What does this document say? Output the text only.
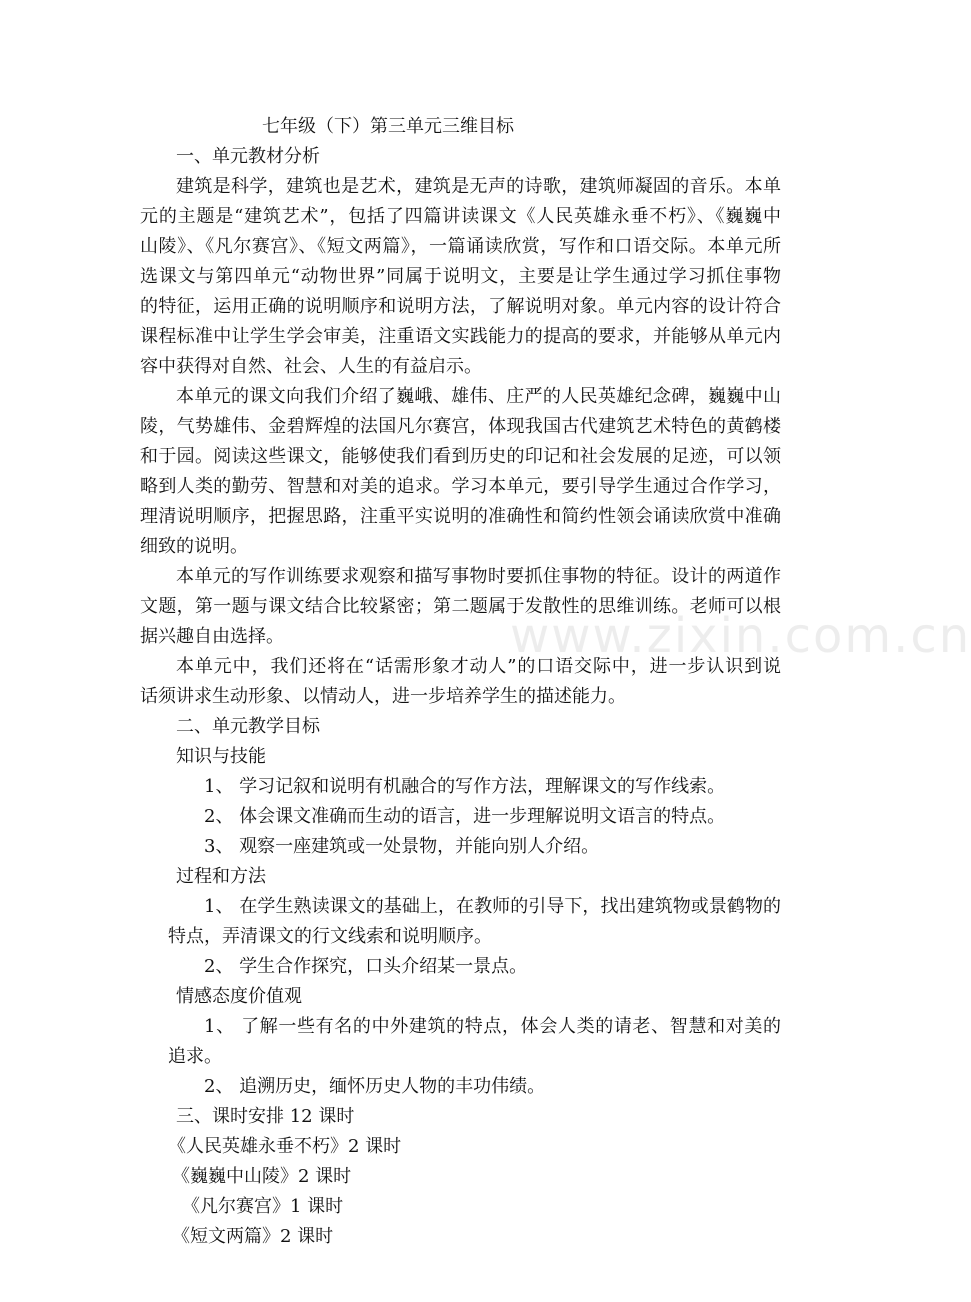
www.zixin.com.cn
七年级（下）第三单元三维目标
一、单元教材分析
建筑是科学，建筑也是艺术，建筑是无声的诗歌，建筑师凝固的音乐。本单
元的主题是“建筑艺术”，包括了四篇讲读课文《人民英雄永垂不朽》、《巍巍中
山陵》、《凡尔赛宫》、《短文两篇》，一篇诵读欣赏，写作和口语交际。本单元所
选课文与第四单元“动物世界”同属于说明文，主要是让学生通过学习抓住事物
的特征，运用正确的说明顺序和说明方法，了解说明对象。单元内容的设计符合
课程标准中让学生学会审美，注重语文实践能力的提高的要求，并能够从单元内
容中获得对自然、社会、人生的有益启示。
本单元的课文向我们介绍了巍峨、雄伟、庄严的人民英雄纪念碑，巍巍中山
陵，气势雄伟、金碧辉煌的法国凡尔赛宫，体现我国古代建筑艺术特色的黄鹤楼
和于园。阅读这些课文，能够使我们看到历史的印记和社会发展的足迹，可以领
略到人类的勤劳、智慧和对美的追求。学习本单元，要引导学生通过合作学习，
理清说明顺序，把握思路，注重平实说明的准确性和简约性领会诵读欣赏中准确
细致的说明。
本单元的写作训练要求观察和描写事物时要抓住事物的特征。设计的两道作
文题，第一题与课文结合比较紧密；第二题属于发散性的思维训练。老师可以根
据兴趣自由选择。
本单元中，我们还将在“话需形象才动人”的口语交际中，进一步认识到说
话须讲求生动形象、以情动人，进一步培养学生的描述能力。
二、单元教学目标
知识与技能
1、 学习记叙和说明有机融合的写作方法，理解课文的写作线索。
2、 体会课文准确而生动的语言，进一步理解说明文语言的特点。
3、 观察一座建筑或一处景物，并能向别人介绍。
过程和方法
1、 在学生熟读课文的基础上，在教师的引导下，找出建筑物或景鹤物的
特点，弄清课文的行文线索和说明顺序。
2、 学生合作探究，口头介绍某一景点。
情感态度价值观
1、 了解一些有名的中外建筑的特点，体会人类的请老、智慧和对美的
追求。
2、 追溯历史，缅怀历史人物的丰功伟绩。
三、课时安排 12 课时
《人民英雄永垂不朽》2 课时
《巍巍中山陵》2 课时
《凡尔赛宫》1 课时
《短文两篇》2 课时
